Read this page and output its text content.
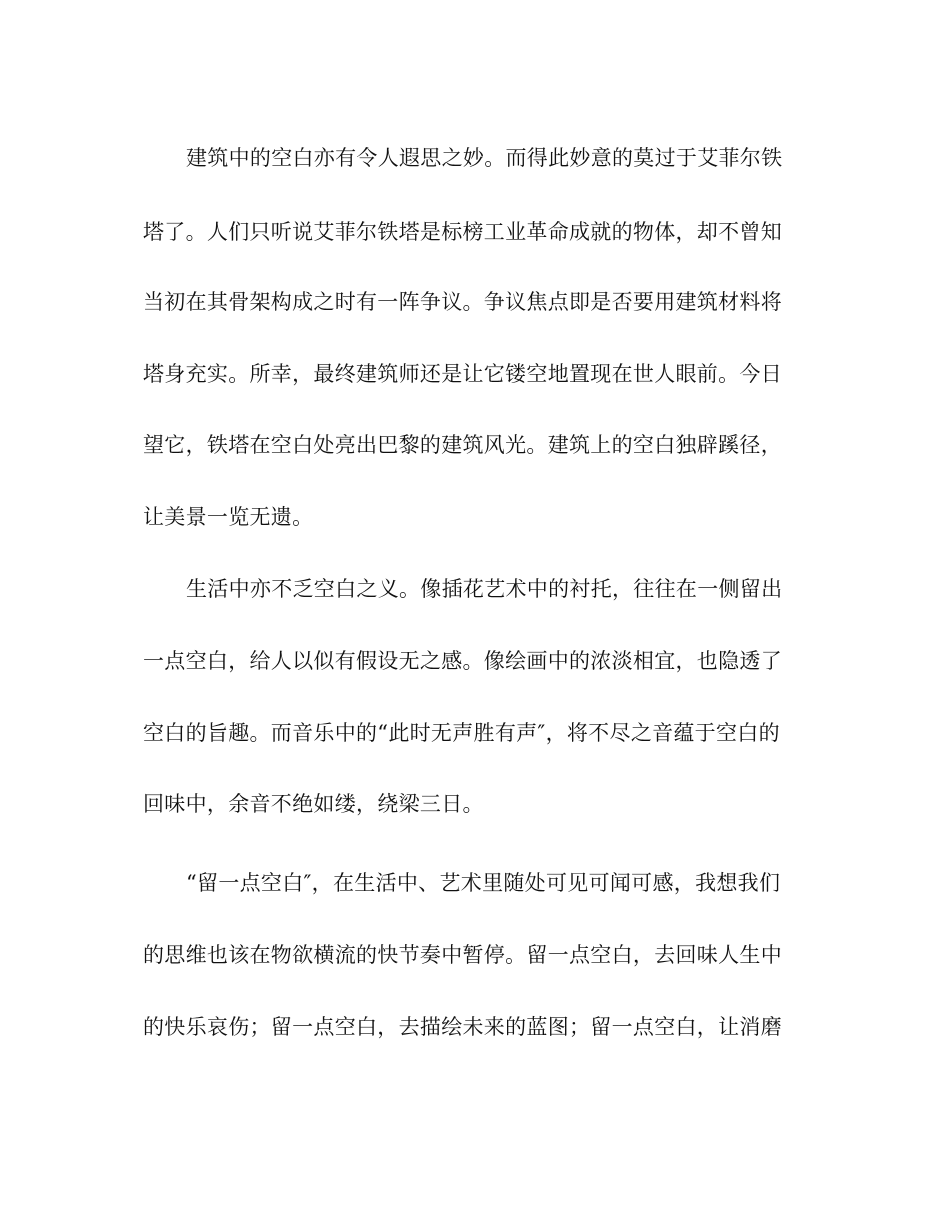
建筑中的空白亦有令人遐思之妙。而得此妙意的莫过于艾菲尔铁
塔了。人们只听说艾菲尔铁塔是标榜工业革命成就的物体，却不曾知
当初在其骨架构成之时有一阵争议。争议焦点即是否要用建筑材料将
塔身充实。所幸，最终建筑师还是让它镂空地置现在世人眼前。今日
望它，铁塔在空白处亮出巴黎的建筑风光。建筑上的空白独辟蹊径，
让美景一览无遗。
生活中亦不乏空白之义。像插花艺术中的衬托，往往在一侧留出
一点空白，给人以似有假设无之感。像绘画中的浓淡相宜，也隐透了
空白的旨趣。而音乐中的“此时无声胜有声″，将不尽之音蕴于空白的
回味中，余音不绝如缕，绕梁三日。
“留一点空白″，在生活中、艺术里随处可见可闻可感，我想我们
的思维也该在物欲横流的快节奏中暂停。留一点空白，去回味人生中
的快乐哀伤；留一点空白，去描绘未来的蓝图；留一点空白，让消磨
